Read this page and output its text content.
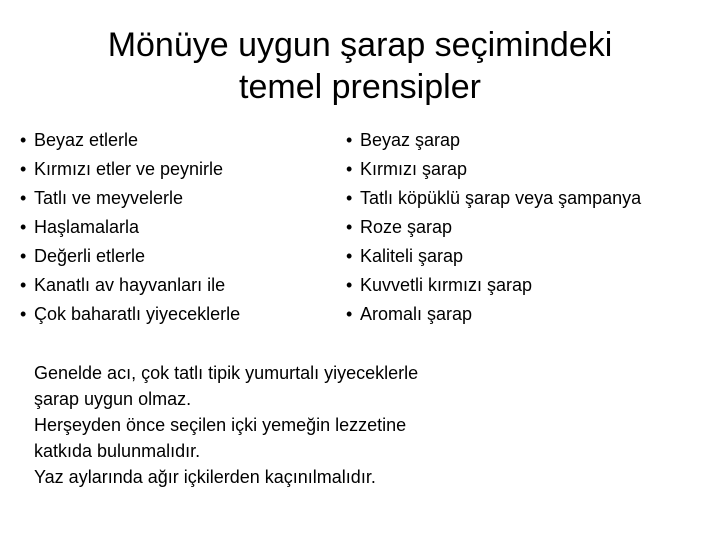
Mönüye uygun şarap seçimindeki
temel prensipler
• Beyaz etlerle
• Kırmızı etler ve peynirle
• Tatlı ve meyvelerle
• Haşlamalarla
• Değerli etlerle
• Kanatlı av hayvanları ile
• Çok baharatlı yiyeceklerle
• Beyaz şarap
• Kırmızı şarap
• Tatlı köpüklü şarap veya şampanya
• Roze şarap
• Kaliteli şarap
• Kuvvetli kırmızı şarap
• Aromalı şarap

Genelde acı, çok tatlı tipik yumurtalı yiyeceklerle

şarap uygun olmaz.

Herşeyden önce seçilen içki yemeğin lezzetine

katkıda bulunmalıdır.

Yaz aylarında ağır içkilerden kaçınılmalıdır.
